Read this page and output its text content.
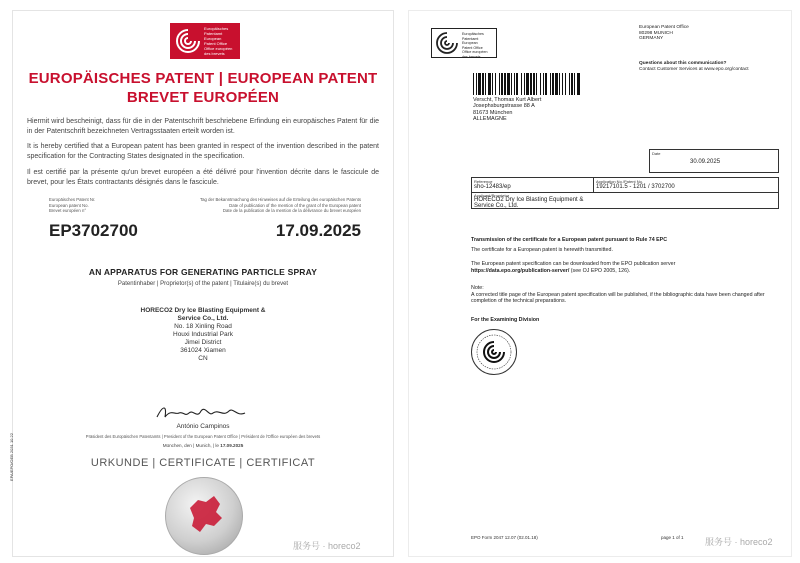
Europäisches
Patentamt
European
Patent Office
Office européen
des brevets
EUROPÄISCHES PATENT | EUROPEAN PATENT
BREVET EUROPÉEN
Hiermit wird bescheinigt, dass für die in der Patentschrift beschriebene Erfindung ein europäisches Patent für die in der Patentschrift bezeichneten Vertragsstaaten erteilt worden ist.
It is hereby certified that a European patent has been granted in respect of the invention described in the patent specification for the Contracting States designated in the specification.
Il est certifié par la présente qu'un brevet européen a été délivré pour l'invention décrite dans le fascicule de brevet, pour les États contractants désignés dans le fascicule.
Europäisches Patent Nr.
European patent No.
Brevet européen n°
Tag der Bekanntmachung des Hinweises auf die Erteilung des europäischen Patents
Date of publication of the mention of the grant of the European patent
Date de la publication de la mention de la délivrance du brevet européen
EP3702700	17.09.2025
AN APPARATUS FOR GENERATING PARTICLE SPRAY
Patentinhaber | Proprietor(s) of the patent | Titulaire(s) du brevet
HORECO2 Dry Ice Blasting Equipment &
Service Co., Ltd.
No. 18 Xinling Road
Houxi Industrial Park
Jimei District
361024 Xiamen
CN
António Campinos
Präsident des Europäischen Patentamts | President of the European Patent Office | Président de l'Office européen des brevets
München, den | Munich, | le 17.09.2025
URKUNDE | CERTIFICATE | CERTIFICAT
EPA/EPO/OEB 2031 10.22
服务号 · horeco2
Europäisches
Patentamt
European
Patent Office
Office européen
des brevets
European Patent Office
80298 MUNICH
GERMANY
Questions about this communication?
Contact Customer Services at www.epo.org/contact
Verscht, Thomas Kurt Albert
Josephsburgstrasse 88 A
81673 München
ALLEMAGNE
Date
30.09.2025
Reference
sho-12483/ep
Application No./Patent No.
19217101.5 - 1201 / 3702700
Applicant/Proprietor
HORECO2 Dry Ice Blasting Equipment &
Service Co., Ltd.
Transmission of the certificate for a European patent pursuant to Rule 74 EPC
The certificate for a European patent is herewith transmitted.
The European patent specification can be downloaded from the EPO publication server
https://data.epo.org/publication-server/ (see OJ EPO 2005, 126).
Note:
A corrected title page of the European patent specification will be published, if the bibliographic data have been changed after completion of the technical preparations.
For the Examining Division
EPO Form 2047 12.07 (02.01.18)	page 1 of 1 服务号 · horeco2
